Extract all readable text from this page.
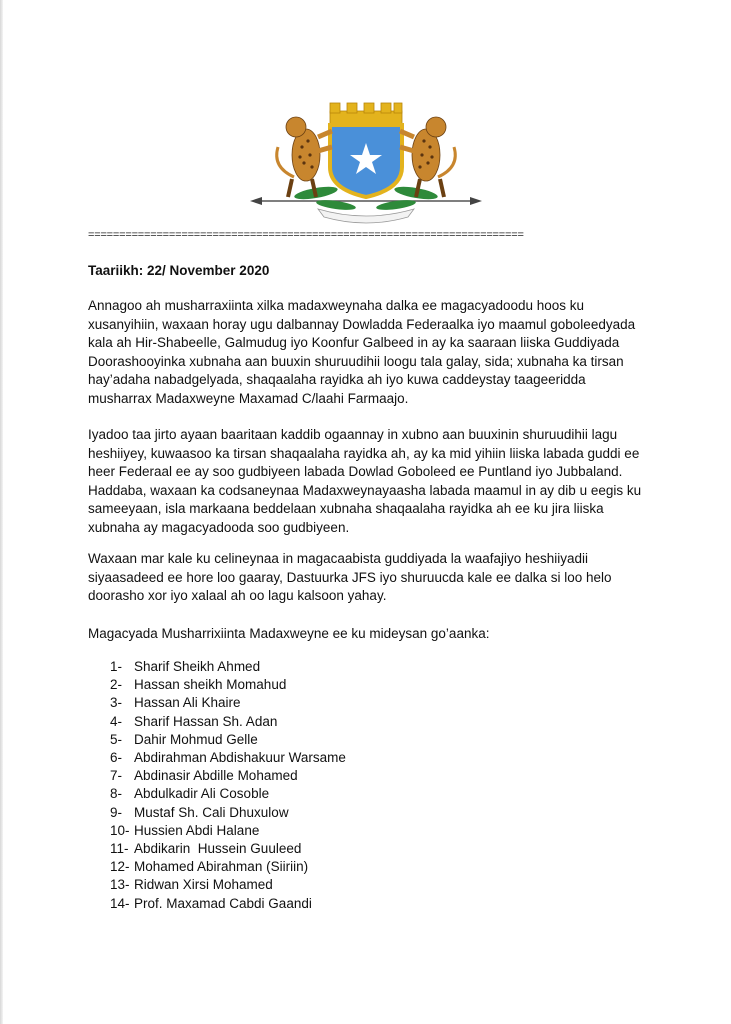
======================================================================
Taariikh: 22/ November 2020

Annagoo ah musharraxiinta xilka madaxweynaha dalka ee magacyadoodu hoos ku xusanyihiin, waxaan horay ugu dalbannay Dowladda Federaalka iyo maamul goboleedyada kala ah Hir-Shabeelle, Galmudug iyo Koonfur Galbeed in ay ka saaraan liiska Guddiyada Doorashooyinka xubnaha aan buuxin shuruudihii loogu tala galay, sida; xubnaha ka tirsan hay’adaha nabadgelyada, shaqaalaha rayidka ah iyo kuwa caddeystay taageeridda musharrax Madaxweyne Maxamad C/laahi Farmaajo.

Iyadoo taa jirto ayaan baaritaan kaddib ogaannay in xubno aan buuxinin shuruudihii lagu heshiiyey, kuwaasoo ka tirsan shaqaalaha rayidka ah, ay ka mid yihiin liiska labada guddi ee heer Federaal ee ay soo gudbiyeen labada Dowlad Goboleed ee Puntland iyo Jubbaland. Haddaba, waxaan ka codsaneynaa Madaxweynayaasha labada maamul in ay dib u eegis ku sameeyaan, isla markaana beddelaan xubnaha shaqaalaha rayidka ah ee ku jira liiska xubnaha ay magacyadooda soo gudbiyeen.

Waxaan mar kale ku celineynaa in magacaabista guddiyada la waafajiyo heshiiyadii siyaasadeed ee hore loo gaaray, Dastuurka JFS iyo shuruucda kale ee dalka si loo helo doorasho xor iyo xalaal ah oo lagu kalsoon yahay.

Magacyada Musharrixiinta Madaxweyne ee ku mideysan go’aanka:
1- Sharif Sheikh Ahmed
2- Hassan sheikh Momahud
3- Hassan Ali Khaire
4- Sharif Hassan Sh. Adan
5- Dahir Mohmud Gelle
6- Abdirahman Abdishakuur Warsame
7- Abdinasir Abdille Mohamed
8- Abdulkadir Ali Cosoble
9- Mustaf Sh. Cali Dhuxulow
10- Hussien Abdi Halane
11- Abdikarin  Hussein Guuleed
12- Mohamed Abirahman (Siiriin)
13- Ridwan Xirsi Mohamed
14- Prof. Maxamad Cabdi Gaandi
